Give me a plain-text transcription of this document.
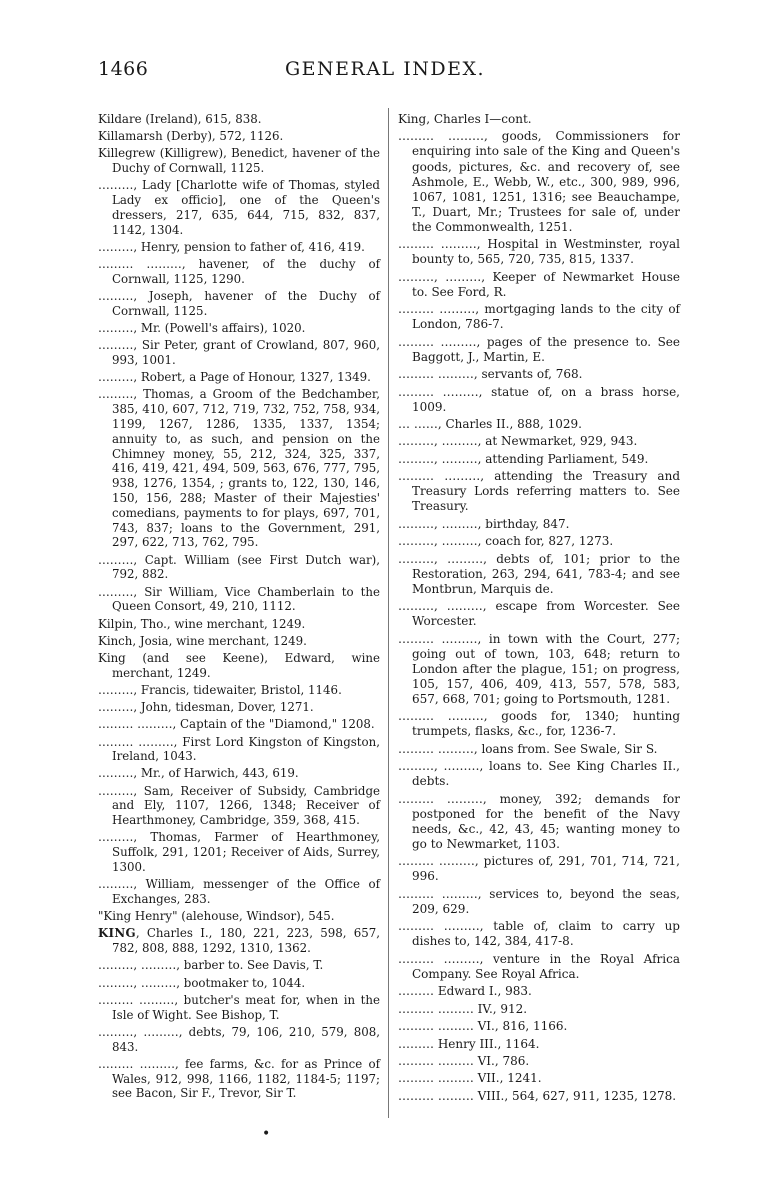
1466	GENERAL INDEX.

Kildare (Ireland), 615, 838.

Killamarsh (Derby), 572, 1126.

Killegrew (Killigrew), Benedict, havener of the Duchy of Cornwall, 1125.

………, Lady [Charlotte wife of Thomas, styled Lady ex officio], one of the Queen's dressers, 217, 635, 644, 715, 832, 837, 1142, 1304.

………, Henry, pension to father of, 416, 419.

……… ………, havener, of the duchy of Cornwall, 1125, 1290.

………, Joseph, havener of the Duchy of Cornwall, 1125.

………, Mr. (Powell's affairs), 1020.

………, Sir Peter, grant of Crowland, 807, 960, 993, 1001.

………, Robert, a Page of Honour, 1327, 1349.

………, Thomas, a Groom of the Bedchamber, 385, 410, 607, 712, 719, 732, 752, 758, 934, 1199, 1267, 1286, 1335, 1337, 1354; annuity to, as such, and pension on the Chimney money, 55, 212, 324, 325, 337, 416, 419, 421, 494, 509, 563, 676, 777, 795, 938, 1276, 1354, ; grants to, 122, 130, 146, 150, 156, 288; Master of their Majesties' comedians, payments to for plays, 697, 701, 743, 837; loans to the Government, 291, 297, 622, 713, 762, 795.

………, Capt. William (see First Dutch war), 792, 882.

………, Sir William, Vice Chamberlain to the Queen Consort, 49, 210, 1112.

Kilpin, Tho., wine merchant, 1249.

Kinch, Josia, wine merchant, 1249.

King (and see Keene), Edward, wine merchant, 1249.

………, Francis, tidewaiter, Bristol, 1146.

………, John, tidesman, Dover, 1271.

……… ………, Captain of the "Diamond," 1208.

……… ………, First Lord Kingston of Kingston, Ireland, 1043.

………, Mr., of Harwich, 443, 619.

………, Sam, Receiver of Subsidy, Cambridge and Ely, 1107, 1266, 1348; Receiver of Hearthmoney, Cambridge, 359, 368, 415.

………, Thomas, Farmer of Hearthmoney, Suffolk, 291, 1201; Receiver of Aids, Surrey, 1300.

………, William, messenger of the Office of Exchanges, 283.

"King Henry" (alehouse, Windsor), 545.

KING, Charles I., 180, 221, 223, 598, 657, 782, 808, 888, 1292, 1310, 1362.

………, ………, barber to. See Davis, T.

………, ………, bootmaker to, 1044.

……… ………, butcher's meat for, when in the Isle of Wight. See Bishop, T.

………, ………, debts, 79, 106, 210, 579, 808, 843.

……… ………, fee farms, &c. for as Prince of Wales, 912, 998, 1166, 1182, 1184-5; 1197; see Bacon, Sir F., Trevor, Sir T.

King, Charles I—cont.

……… ………, goods, Commissioners for enquiring into sale of the King and Queen's goods, pictures, &c. and recovery of, see Ashmole, E., Webb, W., etc., 300, 989, 996, 1067, 1081, 1251, 1316; see Beauchampe, T., Duart, Mr.; Trustees for sale of, under the Commonwealth, 1251.

……… ………, Hospital in Westminster, royal bounty to, 565, 720, 735, 815, 1337.

………, ………, Keeper of Newmarket House to. See Ford, R.

……… ………, mortgaging lands to the city of London, 786-7.

……… ………, pages of the presence to. See Baggott, J., Martin, E.

……… ………, servants of, 768.

……… ………, statue of, on a brass horse, 1009.

… ……, Charles II., 888, 1029.

………, ………, at Newmarket, 929, 943.

………, ………, attending Parliament, 549.

……… ………, attending the Treasury and Treasury Lords referring matters to. See Treasury.

………, ………, birthday, 847.

………, ………, coach for, 827, 1273.

………, ………, debts of, 101; prior to the Restoration, 263, 294, 641, 783-4; and see Montbrun, Marquis de.

………, ………, escape from Worcester. See Worcester.

……… ………, in town with the Court, 277; going out of town, 103, 648; return to London after the plague, 151; on progress, 105, 157, 406, 409, 413, 557, 578, 583, 657, 668, 701; going to Portsmouth, 1281.

……… ………, goods for, 1340; hunting trumpets, flasks, &c., for, 1236-7.

……… ………, loans from. See Swale, Sir S.

………, ………, loans to. See King Charles II., debts.

……… ………, money, 392; demands for postponed for the benefit of the Navy needs, &c., 42, 43, 45; wanting money to go to Newmarket, 1103.

……… ………, pictures of, 291, 701, 714, 721, 996.

……… ………, services to, beyond the seas, 209, 629.

……… ………, table of, claim to carry up dishes to, 142, 384, 417-8.

……… ………, venture in the Royal Africa Company. See Royal Africa.

……… Edward I., 983.

……… ……… IV., 912.

……… ……… VI., 816, 1166.

……… Henry III., 1164.

……… ……… VI., 786.

……… ……… VII., 1241.

……… ……… VIII., 564, 627, 911, 1235, 1278.

•
